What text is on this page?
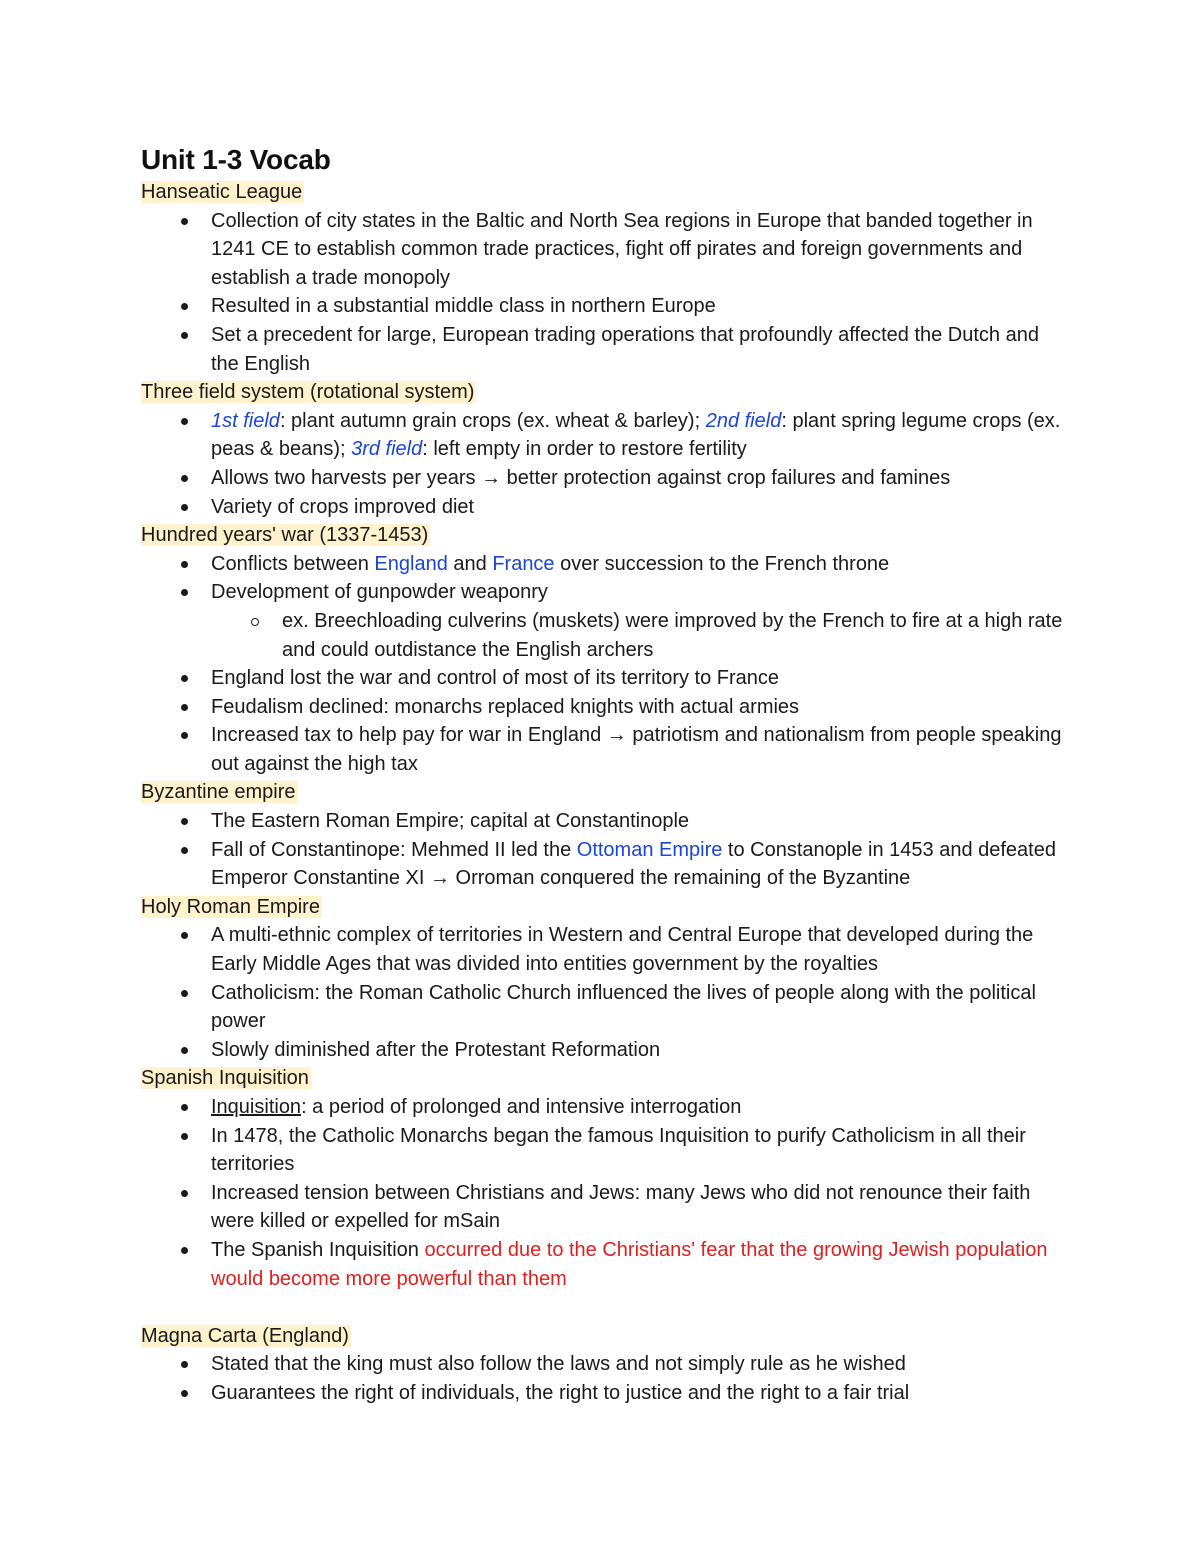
Unit 1-3 Vocab
Hanseatic League
Collection of city states in the Baltic and North Sea regions in Europe that banded together in 1241 CE to establish common trade practices, fight off pirates and foreign governments and establish a trade monopoly
Resulted in a substantial middle class in northern Europe
Set a precedent for large, European trading operations that profoundly affected the Dutch and the English
Three field system (rotational system)
1st field: plant autumn grain crops (ex. wheat & barley); 2nd field: plant spring legume crops (ex. peas & beans); 3rd field: left empty in order to restore fertility
Allows two harvests per years → better protection against crop failures and famines
Variety of crops improved diet
Hundred years' war (1337-1453)
Conflicts between England and France over succession to the French throne
Development of gunpowder weaponry
ex. Breechloading culverins (muskets) were improved by the French to fire at a high rate and could outdistance the English archers
England lost the war and control of most of its territory to France
Feudalism declined: monarchs replaced knights with actual armies
Increased tax to help pay for war in England → patriotism and nationalism from people speaking out against the high tax
Byzantine empire
The Eastern Roman Empire; capital at Constantinople
Fall of Constantinope: Mehmed II led the Ottoman Empire to Constanople in 1453 and defeated Emperor Constantine XI → Orroman conquered the remaining of the Byzantine
Holy Roman Empire
A multi-ethnic complex of territories in Western and Central Europe that developed during the Early Middle Ages that was divided into entities government by the royalties
Catholicism: the Roman Catholic Church influenced the lives of people along with the political power
Slowly diminished after the Protestant Reformation
Spanish Inquisition
Inquisition: a period of prolonged and intensive interrogation
In 1478, the Catholic Monarchs began the famous Inquisition to purify Catholicism in all their territories
Increased tension between Christians and Jews: many Jews who did not renounce their faith were killed or expelled for mSain
The Spanish Inquisition occurred due to the Christians' fear that the growing Jewish population would become more powerful than them
Magna Carta (England)
Stated that the king must also follow the laws and not simply rule as he wished
Guarantees the right of individuals, the right to justice and the right to a fair trial
